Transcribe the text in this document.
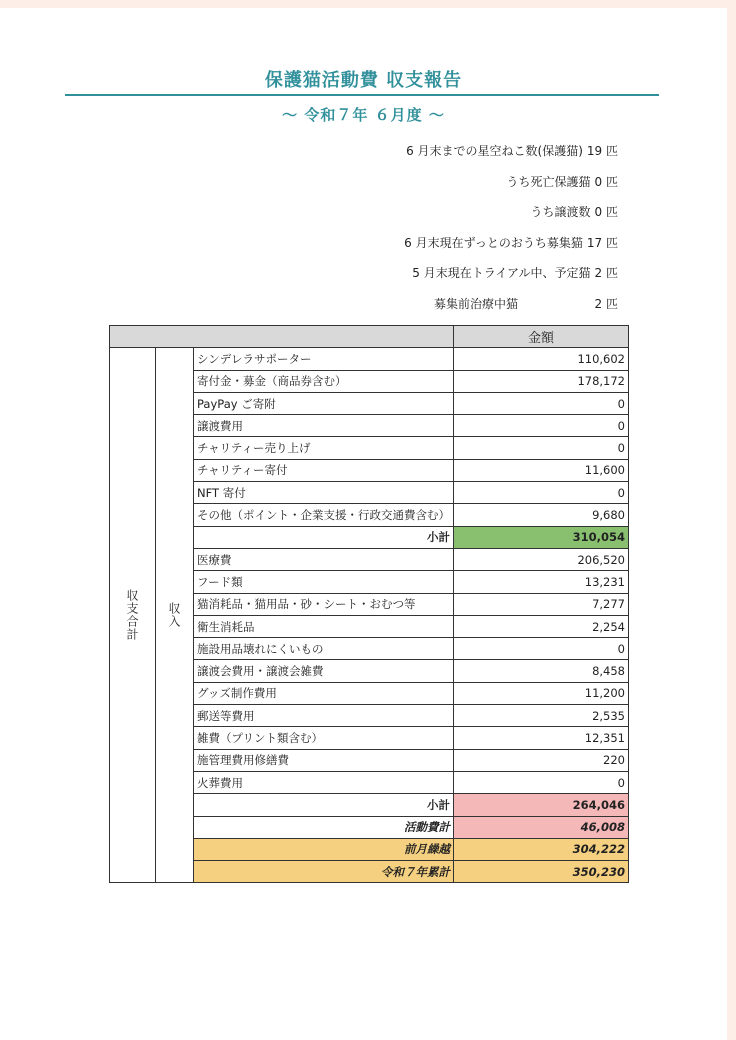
保護猫活動費 収支報告
～ 令和７年 ６月度 ～
6 月末までの星空ねこ数(保護猫) 19 匹
うち死亡保護猫 0 匹
うち譲渡数 0 匹
6 月末現在ずっとのおうち募集猫 17 匹
5 月末現在トライアル中、予定猫 2 匹
募集前治療中猫	2 匹
			金額

収支合計	収入	シンデレラサポーター	110,602
		寄付金・募金（商品券含む）	178,172
		PayPay ご寄附	0
		譲渡費用	0
		チャリティー売り上げ	0
		チャリティー寄付	11,600
		NFT 寄付	0
		その他（ポイント・企業支援・行政交通費含む）	9,680
		小計	310,054
		医療費	206,520
		フード類	13,231
		猫消耗品・猫用品・砂・シート・おむつ等	7,277
		衛生消耗品	2,254
		施設用品壊れにくいもの	0
		譲渡会費用・譲渡会雑費	8,458
		グッズ制作費用	11,200
		郵送等費用	2,535
		雑費（プリント類含む）	12,351
		施管理費用修繕費	220
		火葬費用	0
		小計	264,046
		活動費計	46,008
		前月繰越	304,222
		令和７年累計	350,230
